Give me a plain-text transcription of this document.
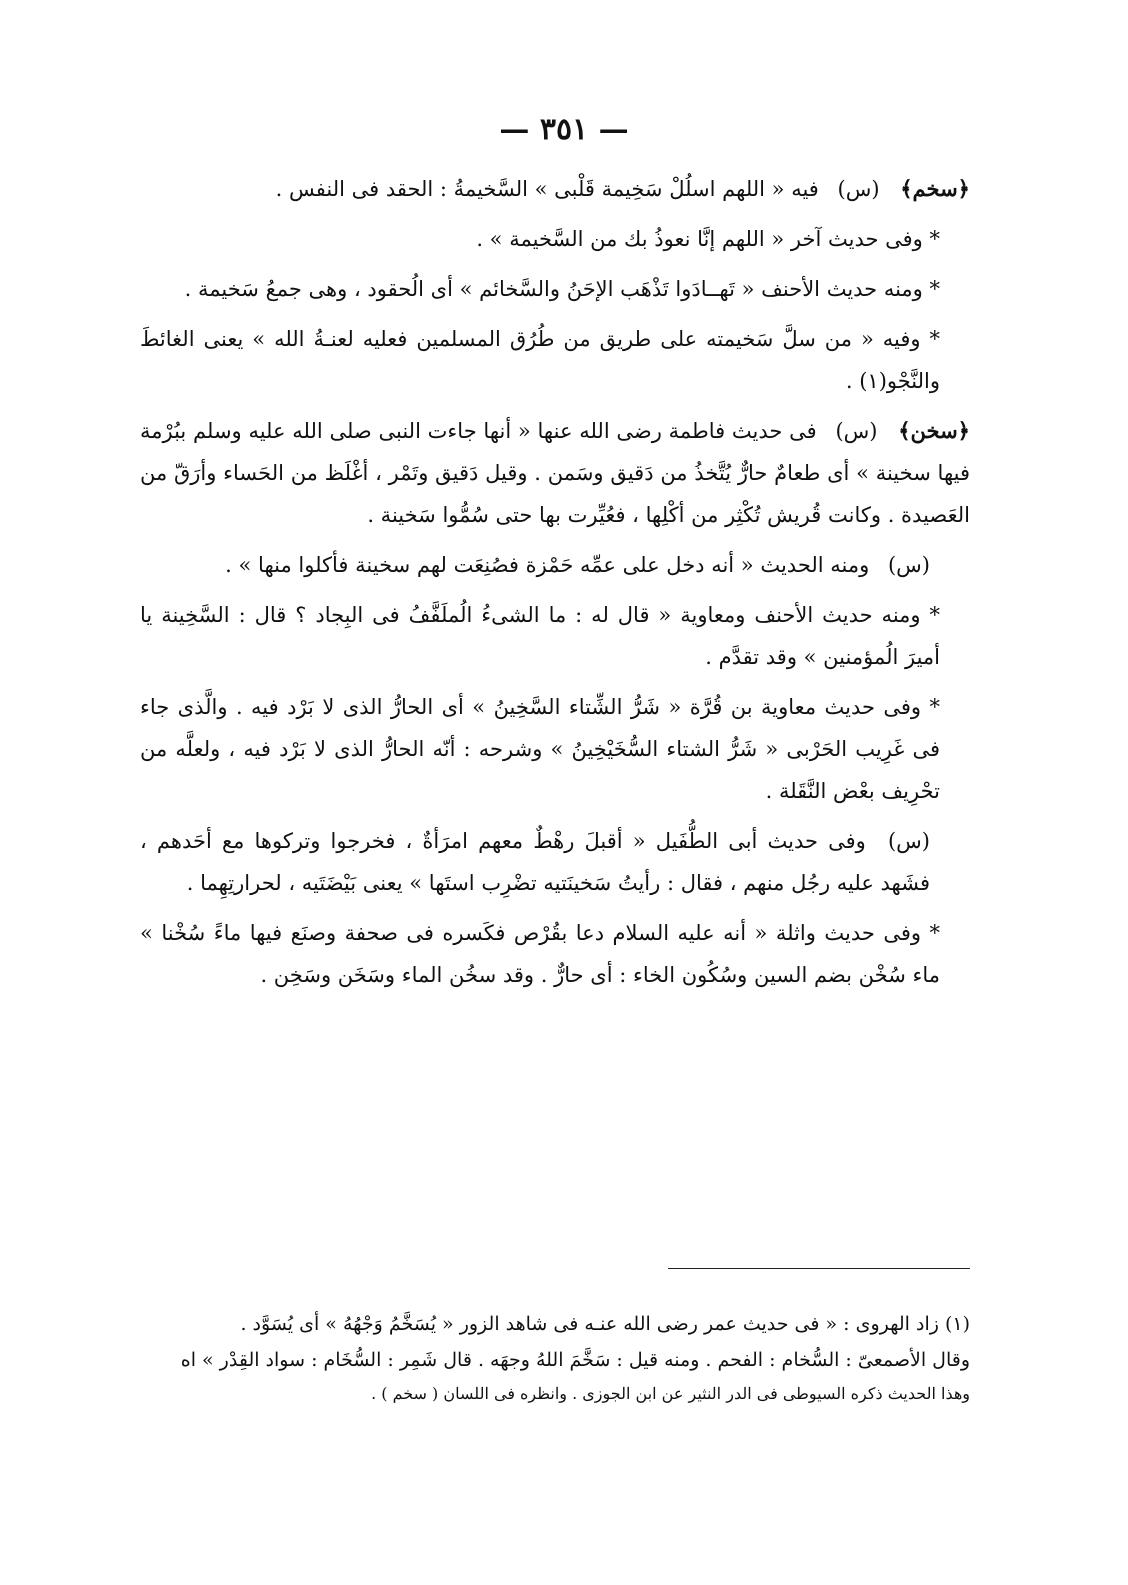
— ٣٥١ —

﴿سخم﴾ (س) فيه « اللهم اسلُلْ سَخِيمة قَلْبى » السَّخيمةُ : الحقد فى النفس .

* وفى حديث آخر « اللهم إنَّا نعوذُ بك من السَّخيمة » .

* ومنه حديث الأحنف « تَهــادَوا تَذْهَب الإحَنُ والسَّخائم » أى الُحقود ، وهى جمعُ سَخيمة .

* وفيه « من سلَّ سَخيمته على طريق من طُرُق المسلمين فعليه لعنـةُ الله » يعنى الغائطَ والنَّجْو(١) .

﴿سخن﴾ (س) فى حديث فاطمة رضى الله عنها « أنها جاءت النبى صلى الله عليه وسلم ببُرْمة فيها سخينة » أى طعامٌ حارٌّ يُتَّخذُ من دَقيق وسَمن . وقيل دَقيق وتَمْر ، أغْلَظ من الحَساء وأرَقّ من العَصيدة . وكانت قُريش تُكْثِر من أكْلِها ، فعُيِّرت بها حتى سُمُّوا سَخينة .

(س) ومنه الحديث « أنه دخل على عمِّه حَمْزة فصُنِعَت لهم سخينة فأكلوا منها » .

* ومنه حديث الأحنف ومعاوية « قال له : ما الشىءُ الُملَفَّفُ فى البِجاد ؟ قال : السَّخِينة يا أميرَ الُمؤمنين » وقد تقدَّم .

* وفى حديث معاوية بن قُرَّة « شَرُّ الشِّتاء السَّخِينُ » أى الحارُّ الذى لا بَرْد فيه . والَّذى جاء فى غَرِيب الحَرْبى « شَرُّ الشتاء السُّخَيْخِينُ » وشرحه : أنّه الحارُّ الذى لا بَرْد فيه ، ولعلَّه من تحْرِيف بعْض النَّقَلة .

(س) وفى حديث أبى الطُّفَيل « أقبلَ رهْطٌ معهم امرَأةٌ ، فخرجوا وتركوها مع أحَدهم ، فشَهد عليه رجُل منهم ، فقال : رأيتُ سَخينَتيه تضْرِب استَها » يعنى بَيْضَتَيه ، لحرارتِهِما .

* وفى حديث واثلة « أنه عليه السلام دعا بقُرْص فكَسره فى صحفة وصنَع فيها ماءً سُخْنا » ماء سُخْن بضم السين وسُكُون الخاء : أى حارٌّ . وقد سخُن الماء وسَخَن وسَخِن .

(١) زاد الهروى : « فى حديث عمر رضى الله عنـه فى شاهد الزور « يُسَخَّمُ وَجْهُهُ » أى يُسَوَّد .

وقال الأصمعىّ : السُّخام : الفحم . ومنه قيل : سَخَّمَ اللهُ وجهَه . قال شَمِر : السُّخَام : سواد القِدْر » اه

وهذا الحديث ذكره السيوطى فى الدر النثير عن ابن الجوزى . وانظره فى اللسان ( سخم ) .
